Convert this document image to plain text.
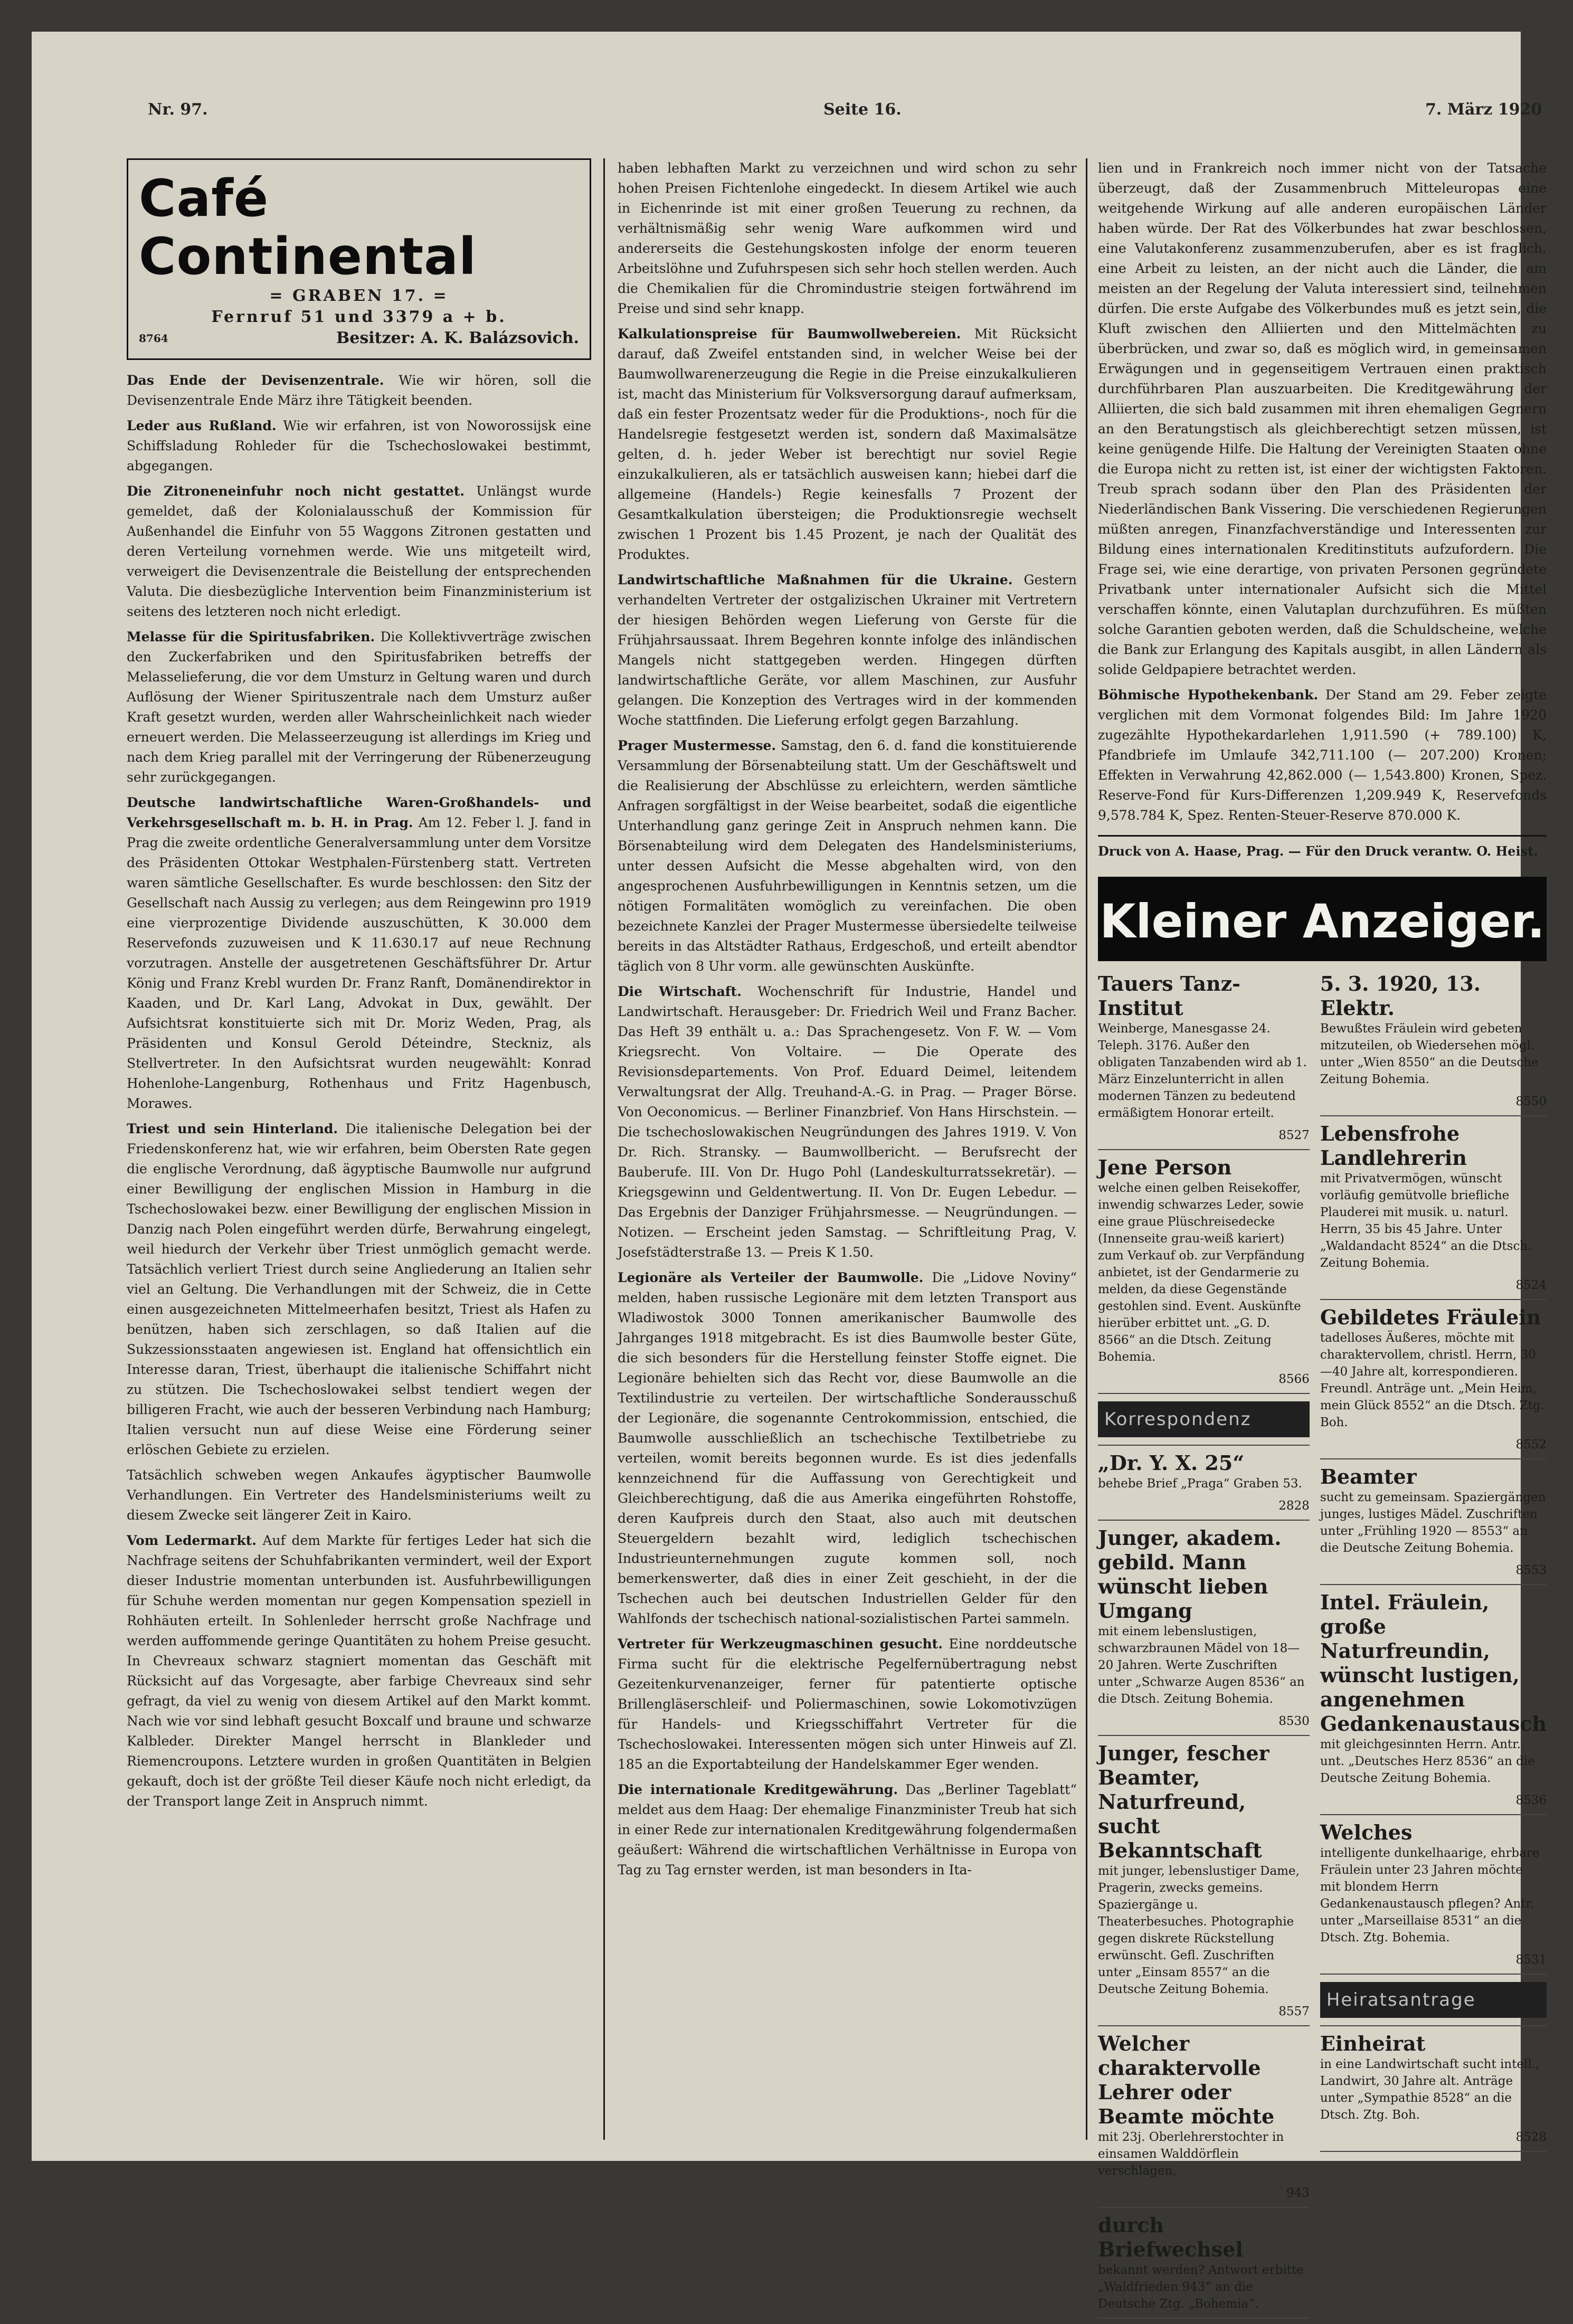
Nr. 97.	Seite 16.	7. März 1920
Café Continental
= GRABEN 17. =
Fernruf 51 und 3379 a + b.
8764	Besitzer: A. K. Balázsovich.

Das Ende der Devisenzentrale. Wie wir hören, soll die Devisenzentrale Ende März ihre Tätigkeit beenden.

Leder aus Rußland. Wie wir erfahren, ist von Noworossijsk eine Schiffsladung Rohleder für die Tschechoslowakei bestimmt, abgegangen.

Die Zitroneneinfuhr noch nicht gestattet. Unlängst wurde gemeldet, daß der Kolonialausschuß der Kommission für Außenhandel die Einfuhr von 55 Waggons Zitronen gestatten und deren Verteilung vornehmen werde. Wie uns mitgeteilt wird, verweigert die Devisenzentrale die Beistellung der entsprechenden Valuta. Die diesbezügliche Intervention beim Finanzministerium ist seitens des letzteren noch nicht erledigt.

Melasse für die Spiritusfabriken. Die Kollektivverträge zwischen den Zuckerfabriken und den Spiritusfabriken betreffs der Melasselieferung, die vor dem Umsturz in Geltung waren und durch Auflösung der Wiener Spirituszentrale nach dem Umsturz außer Kraft gesetzt wurden, werden aller Wahrscheinlichkeit nach wieder erneuert werden. Die Melasseerzeugung ist allerdings im Krieg und nach dem Krieg parallel mit der Verringerung der Rübenerzeugung sehr zurückgegangen.

Deutsche landwirtschaftliche Waren-Großhandels- und Verkehrsgesellschaft m. b. H. in Prag. Am 12. Feber l. J. fand in Prag die zweite ordentliche Generalversammlung unter dem Vorsitze des Präsidenten Ottokar Westphalen-Fürstenberg statt. Vertreten waren sämtliche Gesellschafter. Es wurde beschlossen: den Sitz der Gesellschaft nach Aussig zu verlegen; aus dem Reingewinn pro 1919 eine vierprozentige Dividende auszuschütten, K 30.000 dem Reservefonds zuzuweisen und K 11.630.17 auf neue Rechnung vorzutragen. Anstelle der ausgetretenen Geschäftsführer Dr. Artur König und Franz Krebl wurden Dr. Franz Ranft, Domänendirektor in Kaaden, und Dr. Karl Lang, Advokat in Dux, gewählt. Der Aufsichtsrat konstituierte sich mit Dr. Moriz Weden, Prag, als Präsidenten und Konsul Gerold Déteindre, Steckniz, als Stellvertreter. In den Aufsichtsrat wurden neugewählt: Konrad Hohenlohe-Langenburg, Rothenhaus und Fritz Hagenbusch, Morawes.

Triest und sein Hinterland. Die italienische Delegation bei der Friedenskonferenz hat, wie wir erfahren, beim Obersten Rate gegen die englische Verordnung, daß ägyptische Baumwolle nur aufgrund einer Bewilligung der englischen Mission in Hamburg in die Tschechoslowakei bezw. einer Bewilligung der englischen Mission in Danzig nach Polen eingeführt werden dürfe, Berwahrung eingelegt, weil hiedurch der Verkehr über Triest unmöglich gemacht werde. Tatsächlich verliert Triest durch seine Angliederung an Italien sehr viel an Geltung. Die Verhandlungen mit der Schweiz, die in Cette einen ausgezeichneten Mittelmeerhafen besitzt, Triest als Hafen zu benützen, haben sich zerschlagen, so daß Italien auf die Sukzessionsstaaten angewiesen ist. England hat offensichtlich ein Interesse daran, Triest, überhaupt die italienische Schiffahrt nicht zu stützen. Die Tschechoslowakei selbst tendiert wegen der billigeren Fracht, wie auch der besseren Verbindung nach Hamburg; Italien versucht nun auf diese Weise eine Förderung seiner erlöschen Gebiete zu erzielen.

Tatsächlich schweben wegen Ankaufes ägyptischer Baumwolle Verhandlungen. Ein Vertreter des Handelsministeriums weilt zu diesem Zwecke seit längerer Zeit in Kairo.

Vom Ledermarkt. Auf dem Markte für fertiges Leder hat sich die Nachfrage seitens der Schuhfabrikanten vermindert, weil der Export dieser Industrie momentan unterbunden ist. Ausfuhrbewilligungen für Schuhe werden momentan nur gegen Kompensation speziell in Rohhäuten erteilt. In Sohlenleder herrscht große Nachfrage und werden auffommende geringe Quantitäten zu hohem Preise gesucht. In Chevreaux schwarz stagniert momentan das Geschäft mit Rücksicht auf das Vorgesagte, aber farbige Chevreaux sind sehr gefragt, da viel zu wenig von diesem Artikel auf den Markt kommt. Nach wie vor sind lebhaft gesucht Boxcalf und braune und schwarze Kalbleder. Direkter Mangel herrscht in Blankleder und Riemencroupons. Letztere wurden in großen Quantitäten in Belgien gekauft, doch ist der größte Teil dieser Käufe noch nicht erledigt, da der Transport lange Zeit in Anspruch nimmt.

haben lebhaften Markt zu verzeichnen und wird schon zu sehr hohen Preisen Fichtenlohe eingedeckt. In diesem Artikel wie auch in Eichenrinde ist mit einer großen Teuerung zu rechnen, da verhältnismäßig sehr wenig Ware aufkommen wird und andererseits die Gestehungskosten infolge der enorm teueren Arbeitslöhne und Zufuhrspesen sich sehr hoch stellen werden. Auch die Chemikalien für die Chromindustrie steigen fortwährend im Preise und sind sehr knapp.

Kalkulationspreise für Baumwollwebereien. Mit Rücksicht darauf, daß Zweifel entstanden sind, in welcher Weise bei der Baumwollwarenerzeugung die Regie in die Preise einzukalkulieren ist, macht das Ministerium für Volksversorgung darauf aufmerksam, daß ein fester Prozentsatz weder für die Produktions-, noch für die Handelsregie festgesetzt werden ist, sondern daß Maximalsätze gelten, d. h. jeder Weber ist berechtigt nur soviel Regie einzukalkulieren, als er tatsächlich ausweisen kann; hiebei darf die allgemeine (Handels-) Regie keinesfalls 7 Prozent der Gesamtkalkulation übersteigen; die Produktionsregie wechselt zwischen 1 Prozent bis 1.45 Prozent, je nach der Qualität des Produktes.

Landwirtschaftliche Maßnahmen für die Ukraine. Gestern verhandelten Vertreter der ostgalizischen Ukrainer mit Vertretern der hiesigen Behörden wegen Lieferung von Gerste für die Frühjahrsaussaat. Ihrem Begehren konnte infolge des inländischen Mangels nicht stattgegeben werden. Hingegen dürften landwirtschaftliche Geräte, vor allem Maschinen, zur Ausfuhr gelangen. Die Konzeption des Vertrages wird in der kommenden Woche stattfinden. Die Lieferung erfolgt gegen Barzahlung.

Prager Mustermesse. Samstag, den 6. d. fand die konstituierende Versammlung der Börsenabteilung statt. Um der Geschäftswelt und die Realisierung der Abschlüsse zu erleichtern, werden sämtliche Anfragen sorgfältigst in der Weise bearbeitet, sodaß die eigentliche Unterhandlung ganz geringe Zeit in Anspruch nehmen kann. Die Börsenabteilung wird dem Delegaten des Handelsministeriums, unter dessen Aufsicht die Messe abgehalten wird, von den angesprochenen Ausfuhrbewilligungen in Kenntnis setzen, um die nötigen Formalitäten womöglich zu vereinfachen. Die oben bezeichnete Kanzlei der Prager Mustermesse übersiedelte teilweise bereits in das Altstädter Rathaus, Erdgeschoß, und erteilt abendtor täglich von 8 Uhr vorm. alle gewünschten Auskünfte.

Die Wirtschaft. Wochenschrift für Industrie, Handel und Landwirtschaft. Herausgeber: Dr. Friedrich Weil und Franz Bacher. Das Heft 39 enthält u. a.: Das Sprachengesetz. Von F. W. — Vom Kriegsrecht. Von Voltaire. — Die Operate des Revisionsdepartements. Von Prof. Eduard Deimel, leitendem Verwaltungsrat der Allg. Treuhand-A.-G. in Prag. — Prager Börse. Von Oeconomicus. — Berliner Finanzbrief. Von Hans Hirschstein. — Die tschechoslowakischen Neugründungen des Jahres 1919. V. Von Dr. Rich. Stransky. — Baumwollbericht. — Berufsrecht der Bauberufe. III. Von Dr. Hugo Pohl (Landeskulturratssekretär). — Kriegsgewinn und Geldentwertung. II. Von Dr. Eugen Lebedur. — Das Ergebnis der Danziger Frühjahrsmesse. — Neugründungen. — Notizen. — Erscheint jeden Samstag. — Schriftleitung Prag, V. Josefstädterstraße 13. — Preis K 1.50.

Legionäre als Verteiler der Baumwolle. Die „Lidove Noviny“ melden, haben russische Legionäre mit dem letzten Transport aus Wladiwostok 3000 Tonnen amerikanischer Baumwolle des Jahrganges 1918 mitgebracht. Es ist dies Baumwolle bester Güte, die sich besonders für die Herstellung feinster Stoffe eignet. Die Legionäre behielten sich das Recht vor, diese Baumwolle an die Textilindustrie zu verteilen. Der wirtschaftliche Sonderausschuß der Legionäre, die sogenannte Centrokommission, entschied, die Baumwolle ausschließlich an tschechische Textilbetriebe zu verteilen, womit bereits begonnen wurde. Es ist dies jedenfalls kennzeichnend für die Auffassung von Gerechtigkeit und Gleichberechtigung, daß die aus Amerika eingeführten Rohstoffe, deren Kaufpreis durch den Staat, also auch mit deutschen Steuergeldern bezahlt wird, lediglich tschechischen Industrieunternehmungen zugute kommen soll, noch bemerkenswerter, daß dies in einer Zeit geschieht, in der die Tschechen auch bei deutschen Industriellen Gelder für den Wahlfonds der tschechisch national-sozialistischen Partei sammeln.

Vertreter für Werkzeugmaschinen gesucht. Eine norddeutsche Firma sucht für die elektrische Pegelfernübertragung nebst Gezeitenkurvenanzeiger, ferner für patentierte optische Brillengläserschleif- und Poliermaschinen, sowie Lokomotivzügen für Handels- und Kriegsschiffahrt Vertreter für die Tschechoslowakei. Interessenten mögen sich unter Hinweis auf Zl. 185 an die Exportabteilung der Handelskammer Eger wenden.

Die internationale Kreditgewährung. Das „Berliner Tageblatt“ meldet aus dem Haag: Der ehemalige Finanzminister Treub hat sich in einer Rede zur internationalen Kreditgewährung folgendermaßen geäußert: Während die wirtschaftlichen Verhältnisse in Europa von Tag zu Tag ernster werden, ist man besonders in Ita-

lien und in Frankreich noch immer nicht von der Tatsache überzeugt, daß der Zusammenbruch Mitteleuropas eine weitgehende Wirkung auf alle anderen europäischen Länder haben würde. Der Rat des Völkerbundes hat zwar beschlossen, eine Valutakonferenz zusammenzuberufen, aber es ist fraglich, eine Arbeit zu leisten, an der nicht auch die Länder, die am meisten an der Regelung der Valuta interessiert sind, teilnehmen dürfen. Die erste Aufgabe des Völkerbundes muß es jetzt sein, die Kluft zwischen den Alliierten und den Mittelmächten zu überbrücken, und zwar so, daß es möglich wird, in gemeinsamen Erwägungen und in gegenseitigem Vertrauen einen praktisch durchführbaren Plan auszuarbeiten. Die Kreditgewährung der Alliierten, die sich bald zusammen mit ihren ehemaligen Gegnern an den Beratungstisch als gleichberechtigt setzen müssen, ist keine genügende Hilfe. Die Haltung der Vereinigten Staaten ohne die Europa nicht zu retten ist, ist einer der wichtigsten Faktoren. Treub sprach sodann über den Plan des Präsidenten der Niederländischen Bank Vissering. Die verschiedenen Regierungen müßten anregen, Finanzfachverständige und Interessenten zur Bildung eines internationalen Kreditinstituts aufzufordern. Die Frage sei, wie eine derartige, von privaten Personen gegründete Privatbank unter internationaler Aufsicht sich die Mittel verschaffen könnte, einen Valutaplan durchzuführen. Es müßten solche Garantien geboten werden, daß die Schuldscheine, welche die Bank zur Erlangung des Kapitals ausgibt, in allen Ländern als solide Geldpapiere betrachtet werden.

Böhmische Hypothekenbank. Der Stand am 29. Feber zeigte verglichen mit dem Vormonat folgendes Bild: Im Jahre 1920 zugezählte Hypothekardarlehen 1,911.590 (+ 789.100) K, Pfandbriefe im Umlaufe 342,711.100 (— 207.200) Kronen; Effekten in Verwahrung 42,862.000 (— 1,543.800) Kronen, Spez. Reserve-Fond für Kurs-Differenzen 1,209.949 K, Reservefonds 9,578.784 K, Spez. Renten-Steuer-Reserve 870.000 K.

Druck von A. Haase, Prag. — Für den Druck verantw. O. Heist.
Kleiner Anzeiger.
Tauers Tanz-Institut
Weinberge, Manesgasse 24. Teleph. 3176. Außer den obligaten Tanzabenden wird ab 1. März Einzelunterricht in allen modernen Tänzen zu bedeutend ermäßigtem Honorar erteilt.
8527
Jene Person
welche einen gelben Reisekoffer, inwendig schwarzes Leder, sowie eine graue Plüschreisedecke (Innenseite grau-weiß kariert) zum Verkauf ob. zur Verpfändung anbietet, ist der Gendarmerie zu melden, da diese Gegenstände gestohlen sind. Event. Auskünfte hierüber erbittet unt. „G. D. 8566“ an die Dtsch. Zeitung Bohemia.
8566
Korrespondenz
„Dr. Y. X. 25“
behebe Brief „Praga“ Graben 53.
2828
Junger, akadem. gebild. Mann wünscht lieben Umgang
mit einem lebenslustigen, schwarzbraunen Mädel von 18—20 Jahren. Werte Zuschriften unter „Schwarze Augen 8536“ an die Dtsch. Zeitung Bohemia.
8530
Junger, fescher Beamter, Naturfreund, sucht Bekanntschaft
mit junger, lebenslustiger Dame, Pragerin, zwecks gemeins. Spaziergänge u. Theaterbesuches. Photographie gegen diskrete Rückstellung erwünscht. Gefl. Zuschriften unter „Einsam 8557“ an die Deutsche Zeitung Bohemia.
8557
Welcher charaktervolle Lehrer oder Beamte möchte
mit 23j. Oberlehrerstochter in einsamen Walddörflein verschlagen,
943
durch Briefwechsel
bekannt werden? Antwort erbitte „Waldfrieden 943“ an die Deutsche Ztg. „Bohemia“.
5. 3. 1920, 13. Elektr.
Bewußtes Fräulein wird gebeten mitzuteilen, ob Wiedersehen mögl. unter „Wien 8550“ an die Deutsche Zeitung Bohemia.
8550
Lebensfrohe Landlehrerin
mit Privatvermögen, wünscht vorläufig gemütvolle briefliche Plauderei mit musik. u. naturl. Herrn, 35 bis 45 Jahre. Unter „Waldandacht 8524“ an die Dtsch. Zeitung Bohemia.
8524
Gebildetes Fräulein
tadelloses Äußeres, möchte mit charaktervollem, christl. Herrn, 30—40 Jahre alt, korrespondieren. Freundl. Anträge unt. „Mein Heim, mein Glück 8552“ an die Dtsch. Ztg. Boh.
8552
Beamter
sucht zu gemeinsam. Spaziergängen junges, lustiges Mädel. Zuschriften unter „Frühling 1920 — 8553“ an die Deutsche Zeitung Bohemia.
8553
Intel. Fräulein, große Naturfreundin, wünscht lustigen, angenehmen Gedankenaustausch
mit gleichgesinnten Herrn. Antr. unt. „Deutsches Herz 8536“ an die Deutsche Zeitung Bohemia.
8536
Welches
intelligente dunkelhaarige, ehrbare Fräulein unter 23 Jahren möchte mit blondem Herrn Gedankenaustausch pflegen? Antr. unter „Marseillaise 8531“ an die Dtsch. Ztg. Bohemia.
8531
Heiratsantrage
Einheirat
in eine Landwirtschaft sucht intell., Landwirt, 30 Jahre alt. Anträge unter „Sympathie 8528“ an die Dtsch. Ztg. Boh.
8528
